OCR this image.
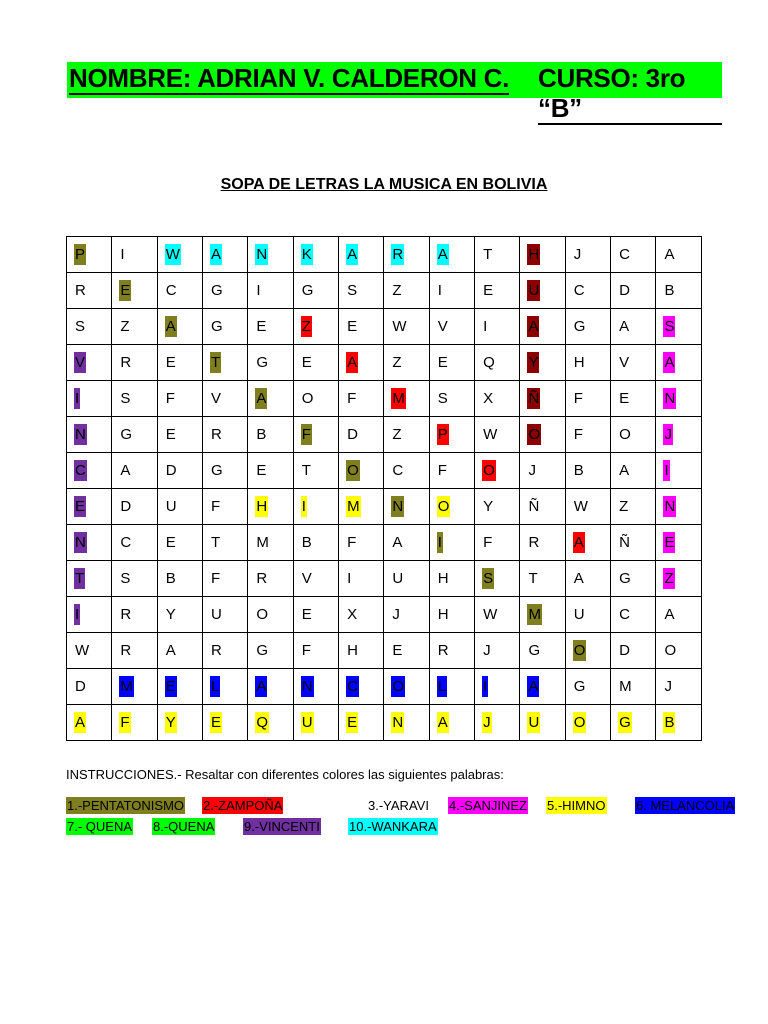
NOMBRE: ADRIAN V. CALDERON C. CURSO: 3ro “B”
SOPA DE LETRAS LA MUSICA EN BOLIVIA
P	I	W	A	N	K	A	R	A	T	H	J	C	A
R	E	C	G	I	G	S	Z	I	E	U	C	D	B
S	Z	A	G	E	Z	E	W	V	I	A	G	A	S
V	R	E	T	G	E	A	Z	E	Q	Y	H	V	A
I	S	F	V	A	O	F	M	S	X	Ñ	F	E	N
N	G	E	R	B	F	D	Z	P	W	O	F	O	J
C	A	D	G	E	T	O	C	F	O	J	B	A	I
E	D	U	F	H	I	M	N	O	Y	Ñ	W	Z	N
N	C	E	T	M	B	F	A	I	F	R	A	Ñ	E
T	S	B	F	R	V	I	U	H	S	T	A	G	Z
I	R	Y	U	O	E	X	J	H	W	M	U	C	A
W	R	A	R	G	F	H	E	R	J	G	O	D	O
D	M	E	L	A	N	C	O	L	I	A	G	M	J
A	F	Y	E	Q	U	E	N	A	J	U	O	G	B
INSTRUCCIONES.- Resaltar con diferentes colores las siguientes palabras:
1.-PENTATONISMO 2.-ZAMPOÑA	3.-YARAVI 4.-SANJINEZ 5.-HIMNO 6. MELANCOLIA
7.- QUENA 8.-QUENA 9.-VINCENTI 10.-WANKARA
